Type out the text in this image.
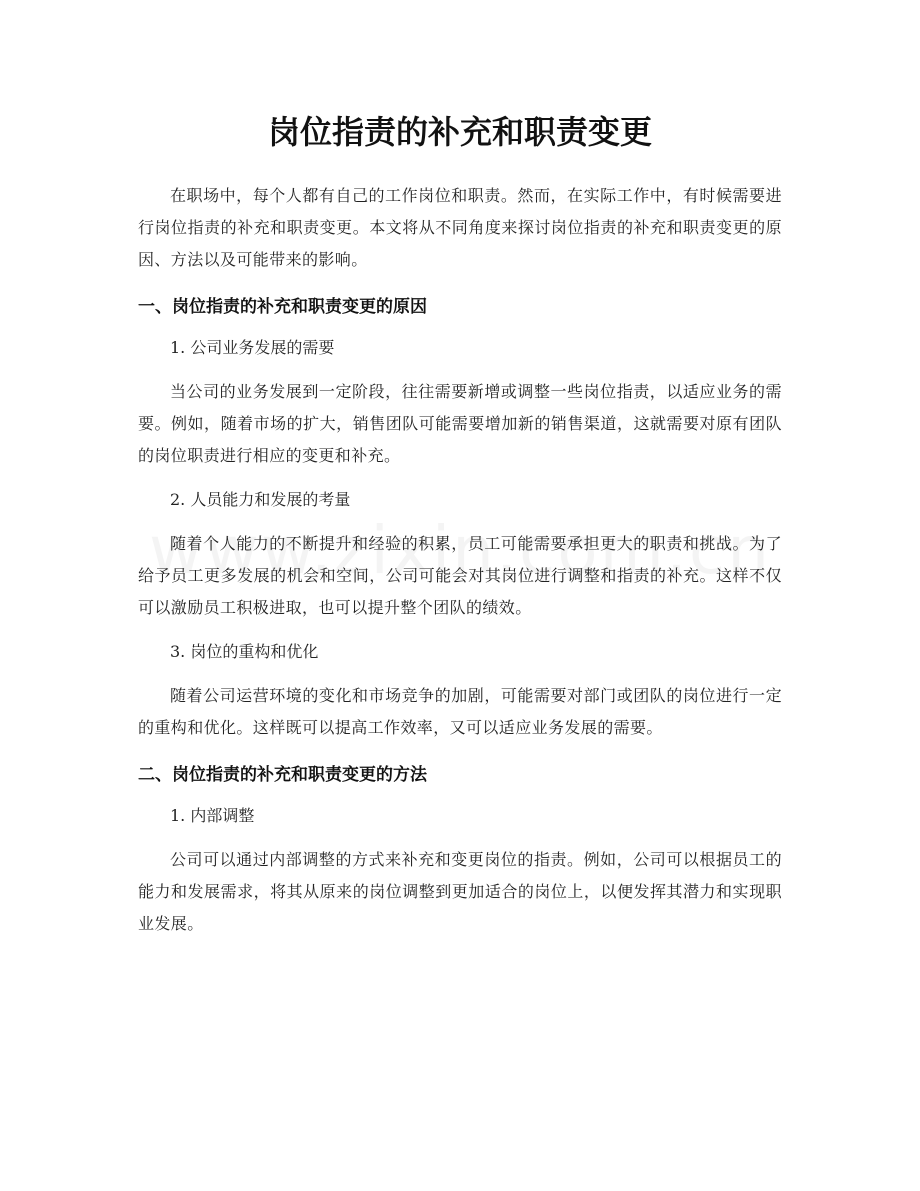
岗位指责的补充和职责变更

在职场中，每个人都有自己的工作岗位和职责。然而，在实际工作中，有时候需要进行岗位指责的补充和职责变更。本文将从不同角度来探讨岗位指责的补充和职责变更的原因、方法以及可能带来的影响。

一、岗位指责的补充和职责变更的原因

1. 公司业务发展的需要

当公司的业务发展到一定阶段，往往需要新增或调整一些岗位指责，以适应业务的需要。例如，随着市场的扩大，销售团队可能需要增加新的销售渠道，这就需要对原有团队的岗位职责进行相应的变更和补充。

2. 人员能力和发展的考量

随着个人能力的不断提升和经验的积累，员工可能需要承担更大的职责和挑战。为了给予员工更多发展的机会和空间，公司可能会对其岗位进行调整和指责的补充。这样不仅可以激励员工积极进取，也可以提升整个团队的绩效。

3. 岗位的重构和优化

随着公司运营环境的变化和市场竞争的加剧，可能需要对部门或团队的岗位进行一定的重构和优化。这样既可以提高工作效率，又可以适应业务发展的需要。

二、岗位指责的补充和职责变更的方法

1. 内部调整

公司可以通过内部调整的方式来补充和变更岗位的指责。例如，公司可以根据员工的能力和发展需求，将其从原来的岗位调整到更加适合的岗位上，以便发挥其潜力和实现职业发展。
